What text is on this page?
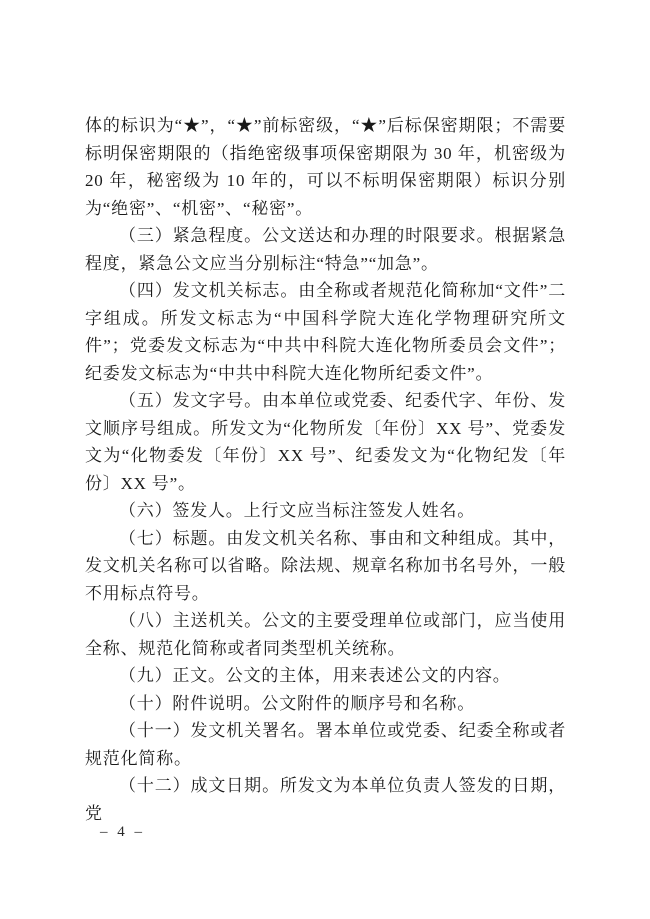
体的标识为“★”，“★”前标密级，“★”后标保密期限；不需要标明保密期限的（指绝密级事项保密期限为 30 年，机密级为 20 年，秘密级为 10 年的，可以不标明保密期限）标识分别为“绝密”、“机密”、“秘密”。

（三）紧急程度。公文送达和办理的时限要求。根据紧急程度，紧急公文应当分别标注“特急”“加急”。

（四）发文机关标志。由全称或者规范化简称加“文件”二字组成。所发文标志为“中国科学院大连化学物理研究所文件”；党委发文标志为“中共中科院大连化物所委员会文件”；纪委发文标志为“中共中科院大连化物所纪委文件”。

（五）发文字号。由本单位或党委、纪委代字、年份、发文顺序号组成。所发文为“化物所发〔年份〕XX 号”、党委发文为“化物委发〔年份〕XX 号”、纪委发文为“化物纪发〔年份〕XX 号”。

（六）签发人。上行文应当标注签发人姓名。

（七）标题。由发文机关名称、事由和文种组成。其中，发文机关名称可以省略。除法规、规章名称加书名号外，一般不用标点符号。

（八）主送机关。公文的主要受理单位或部门，应当使用全称、规范化简称或者同类型机关统称。

（九）正文。公文的主体，用来表述公文的内容。

（十）附件说明。公文附件的顺序号和名称。

（十一）发文机关署名。署本单位或党委、纪委全称或者规范化简称。

（十二）成文日期。所发文为本单位负责人签发的日期，党

– 4 –
